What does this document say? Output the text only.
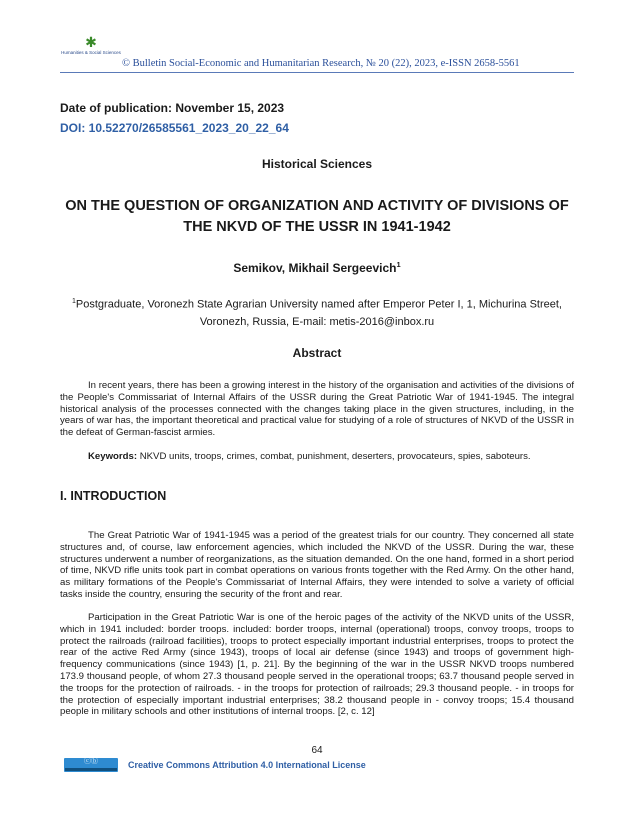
✱
Humanities & Social Sciences
© Bulletin Social-Economic and Humanitarian Research, № 20 (22), 2023, e-ISSN 2658-5561
Date of publication: November 15, 2023
DOI: 10.52270/26585561_2023_20_22_64
Historical Sciences
ON THE QUESTION OF ORGANIZATION AND ACTIVITY OF DIVISIONS OF THE NKVD OF THE USSR IN 1941-1942
Semikov, Mikhail Sergeevich$^1$
$^1$Postgraduate, Voronezh State Agrarian University named after Emperor Peter I, 1, Michurina Street, Voronezh, Russia, E-mail: metis-2016@inbox.ru
Abstract

In recent years, there has been a growing interest in the history of the organisation and activities of the divisions of the People's Commissariat of Internal Affairs of the USSR during the Great Patriotic War of 1941-1945. The integral historical analysis of the processes connected with the changes taking place in the given structures, including, in the years of war has, the important theoretical and practical value for studying of a role of structures of NKVD of the USSR in the defeat of German-fascist armies.

Keywords: NKVD units, troops, crimes, combat, punishment, deserters, provocateurs, spies, saboteurs.

I. INTRODUCTION

The Great Patriotic War of 1941-1945 was a period of the greatest trials for our country. They concerned all state structures and, of course, law enforcement agencies, which included the NKVD of the USSR. During the war, these structures underwent a number of reorganizations, as the situation demanded. On the one hand, formed in a short period of time, NKVD rifle units took part in combat operations on various fronts together with the Red Army. On the other hand, as military formations of the People's Commissariat of Internal Affairs, they were intended to solve a variety of official tasks inside the country, ensuring the security of the front and rear.

Participation in the Great Patriotic War is one of the heroic pages of the activity of the NKVD units of the USSR, which in 1941 included: border troops. included: border troops, internal (operational) troops, convoy troops, troops to protect the railroads (railroad facilities), troops to protect especially important industrial enterprises, troops to protect the rear of the active Red Army (since 1943), troops of local air defense (since 1943) and troops of government high-frequency communications (since 1943) [1, p. 21]. By the beginning of the war in the USSR NKVD troops numbered 173.9 thousand people, of whom 27.3 thousand people served in the operational troops; 63.7 thousand people served in the troops for the protection of railroads. - in the troops for protection of railroads; 29.3 thousand people. - in troops for the protection of especially important industrial enterprises; 38.2 thousand people in - convoy troops; 15.4 thousand people in military schools and other institutions of internal troops. [2, c. 12]

64
ⓒⓑ	Creative Commons Attribution 4.0 International License
